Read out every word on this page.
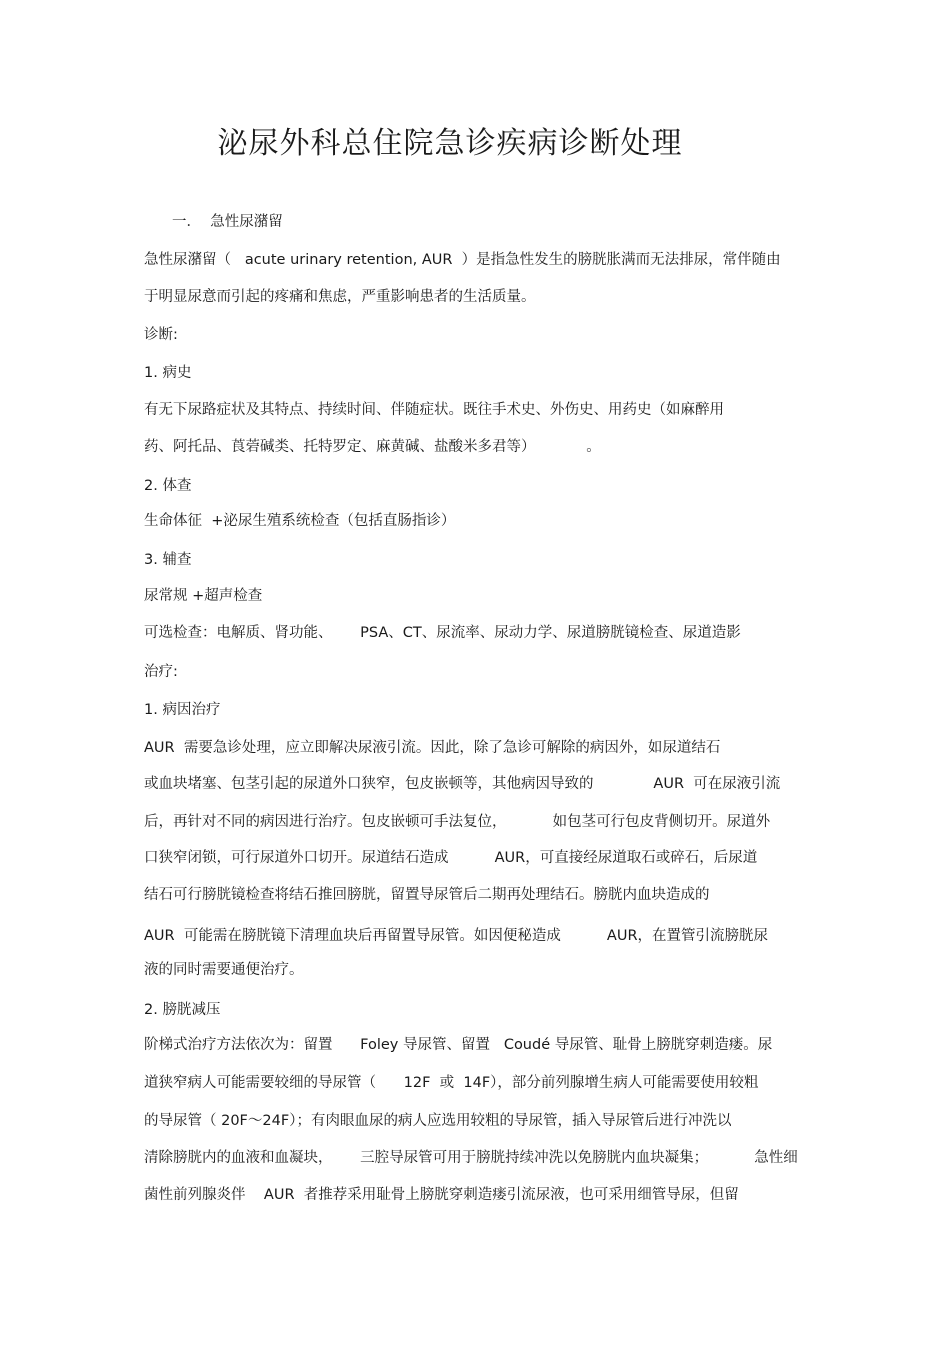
泌尿外科总住院急诊疾病诊断处理

一．  急性尿潴留

急性尿潴留（   acute urinary retention, AUR  ）是指急性发生的膀胱胀满而无法排尿，常伴随由

于明显尿意而引起的疼痛和焦虑，严重影响患者的生活质量。

诊断:

1. 病史

有无下尿路症状及其特点、持续时间、伴随症状。既往手术史、外伤史、用药史（如麻醉用

药、阿托品、莨菪碱类、托特罗定、麻黄碱、盐酸米多君等）           。

2. 体查

生命体征  +泌尿生殖系统检查（包括直肠指诊）

3. 辅查

尿常规 +超声检查

可选检查：电解质、肾功能、      PSA、CT、尿流率、尿动力学、尿道膀胱镜检查、尿道造影

治疗:

1. 病因治疗

AUR  需要急诊处理，应立即解决尿液引流。因此，除了急诊可解除的病因外，如尿道结石

或血块堵塞、包茎引起的尿道外口狭窄，包皮嵌顿等，其他病因导致的             AUR  可在尿液引流

后，再针对不同的病因进行治疗。包皮嵌顿可手法复位，          如包茎可行包皮背侧切开。尿道外

口狭窄闭锁，可行尿道外口切开。尿道结石造成          AUR，可直接经尿道取石或碎石，后尿道

结石可行膀胱镜检查将结石推回膀胱，留置导尿管后二期再处理结石。膀胱内血块造成的

AUR  可能需在膀胱镜下清理血块后再留置导尿管。如因便秘造成          AUR，在置管引流膀胱尿

液的同时需要通便治疗。

2. 膀胱减压

阶梯式治疗方法依次为：留置      Foley 导尿管、留置   Coudé 导尿管、耻骨上膀胱穿刺造瘘。尿

道狭窄病人可能需要较细的导尿管（      12F  或  14F），部分前列腺增生病人可能需要使用较粗

的导尿管（ 20F～24F）；有肉眼血尿的病人应选用较粗的导尿管，插入导尿管后进行冲洗以

清除膀胱内的血液和血凝块，      三腔导尿管可用于膀胱持续冲洗以免膀胱内血块凝集；          急性细

菌性前列腺炎伴    AUR  者推荐采用耻骨上膀胱穿刺造瘘引流尿液，也可采用细管导尿，但留
